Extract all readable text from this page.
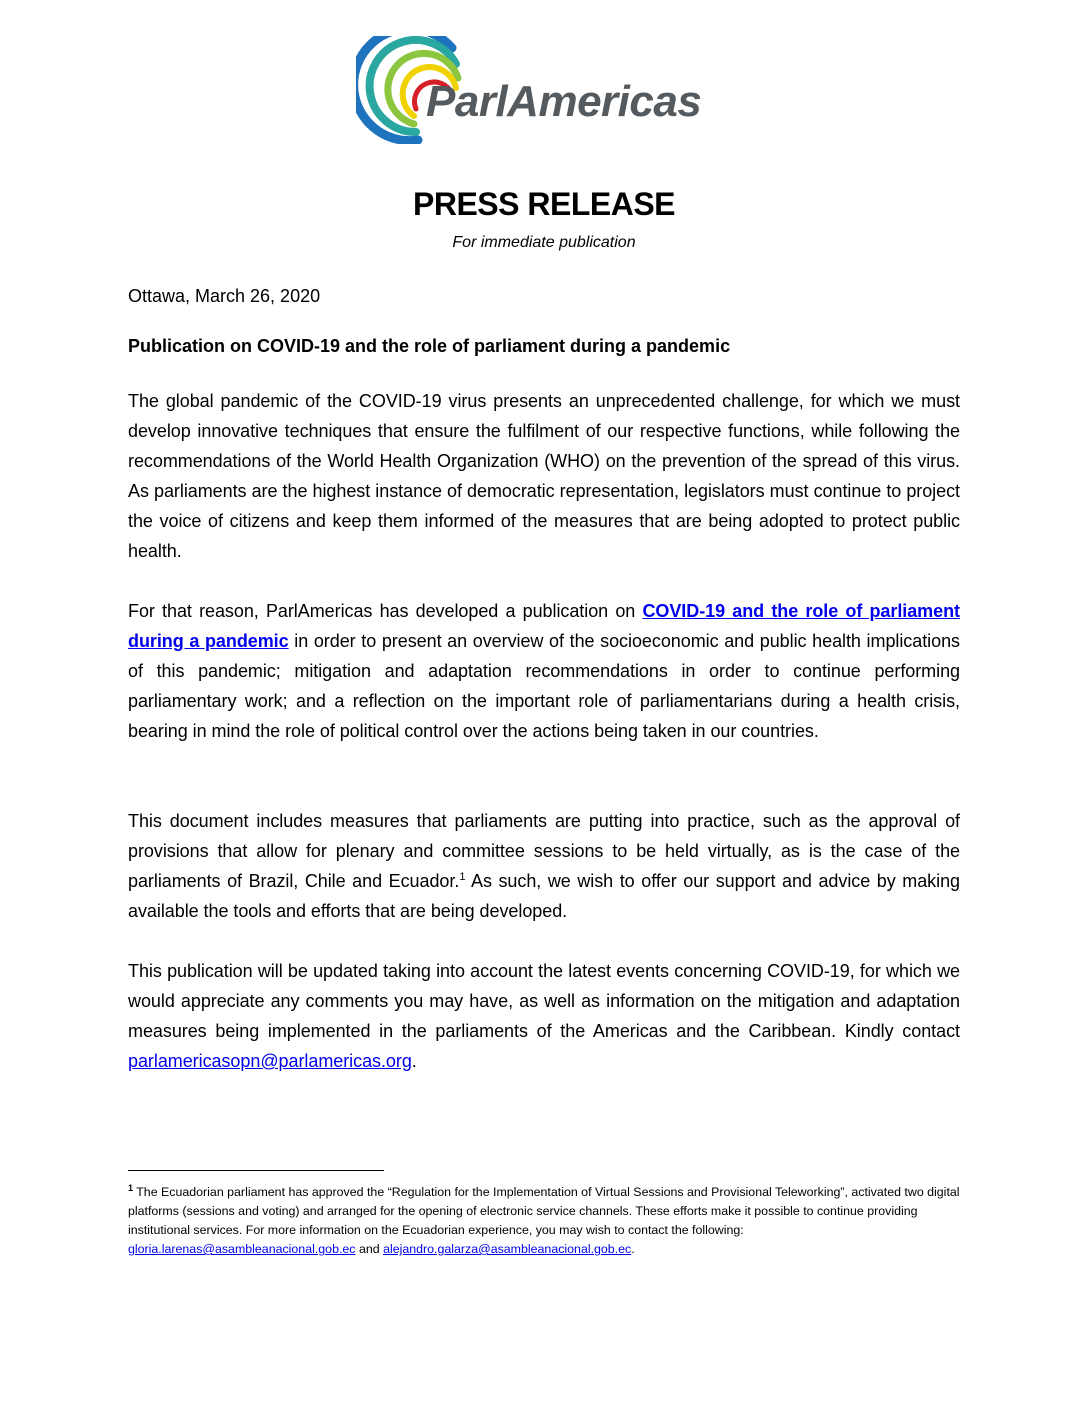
ParlAmericas
PRESS RELEASE
For immediate publication
Ottawa, March 26, 2020
Publication on COVID-19 and the role of parliament during a pandemic
The global pandemic of the COVID-19 virus presents an unprecedented challenge, for which we must develop innovative techniques that ensure the fulfilment of our respective functions, while following the recommendations of the World Health Organization (WHO) on the prevention of the spread of this virus. As parliaments are the highest instance of democratic representation, legislators must continue to project the voice of citizens and keep them informed of the measures that are being adopted to protect public health.
For that reason, ParlAmericas has developed a publication on COVID-19 and the role of parliament during a pandemic in order to present an overview of the socioeconomic and public health implications of this pandemic; mitigation and adaptation recommendations in order to continue performing parliamentary work; and a reflection on the important role of parliamentarians during a health crisis, bearing in mind the role of political control over the actions being taken in our countries.
This document includes measures that parliaments are putting into practice, such as the approval of provisions that allow for plenary and committee sessions to be held virtually, as is the case of the parliaments of Brazil, Chile and Ecuador.$^1$ As such, we wish to offer our support and advice by making available the tools and efforts that are being developed.
This publication will be updated taking into account the latest events concerning COVID-19, for which we would appreciate any comments you may have, as well as information on the mitigation and adaptation measures being implemented in the parliaments of the Americas and the Caribbean. Kindly contact parlamericasopn@parlamericas.org.
$^1$ The Ecuadorian parliament has approved the “Regulation for the Implementation of Virtual Sessions and Provisional Teleworking”, activated two digital platforms (sessions and voting) and arranged for the opening of electronic service channels. These efforts make it possible to continue providing institutional services. For more information on the Ecuadorian experience, you may wish to contact the following: gloria.larenas@asambleanacional.gob.ec and alejandro.galarza@asambleanacional.gob.ec.
